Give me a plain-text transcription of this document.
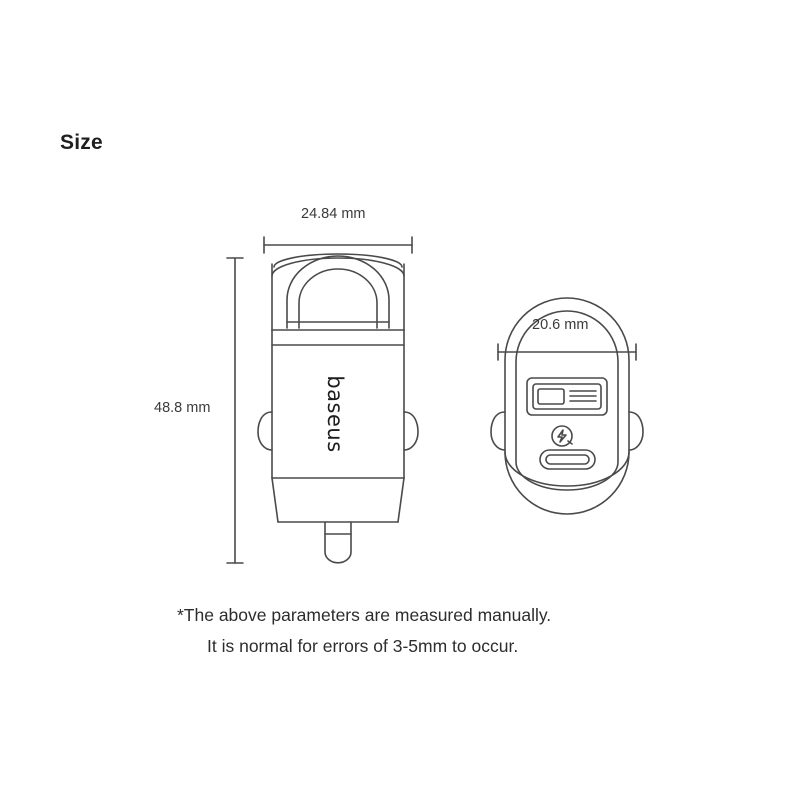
Size
24.84 mm
48.8 mm
20.6 mm
baseus
*The above parameters are measured manually.
It is normal for errors of 3-5mm to occur.
